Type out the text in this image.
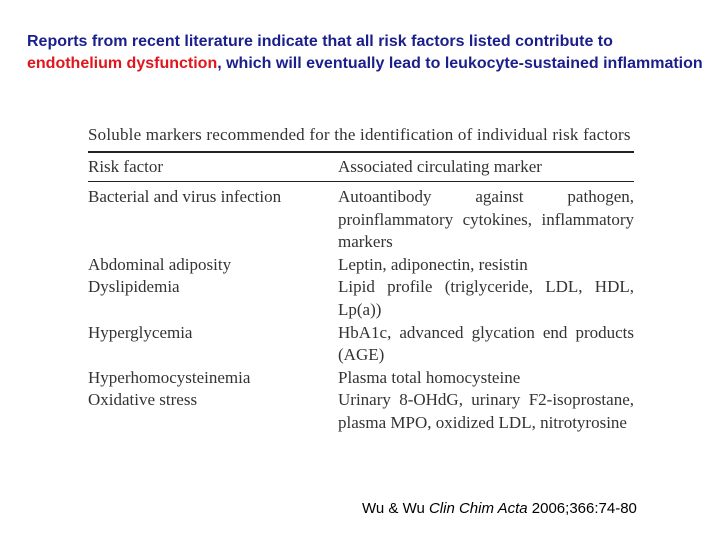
Reports from recent literature indicate that all risk factors listed contribute to endothelium dysfunction, which will eventually lead to leukocyte-sustained inflammation
Soluble markers recommended for the identification of individual risk factors
Risk factor	Associated circulating marker
Bacterial and virus infection	Autoantibody against pathogen, proinflammatory cytokines, inflammatory markers
Abdominal adiposity	Leptin, adiponectin, resistin
Dyslipidemia	Lipid profile (triglyceride, LDL, HDL, Lp(a))
Hyperglycemia	HbA1c, advanced glycation end products (AGE)
Hyperhomocysteinemia	Plasma total homocysteine
Oxidative stress	Urinary 8-OHdG, urinary F2-isoprostane, plasma MPO, oxidized LDL, nitrotyrosine
Wu & Wu Clin Chim Acta 2006;366:74-80
